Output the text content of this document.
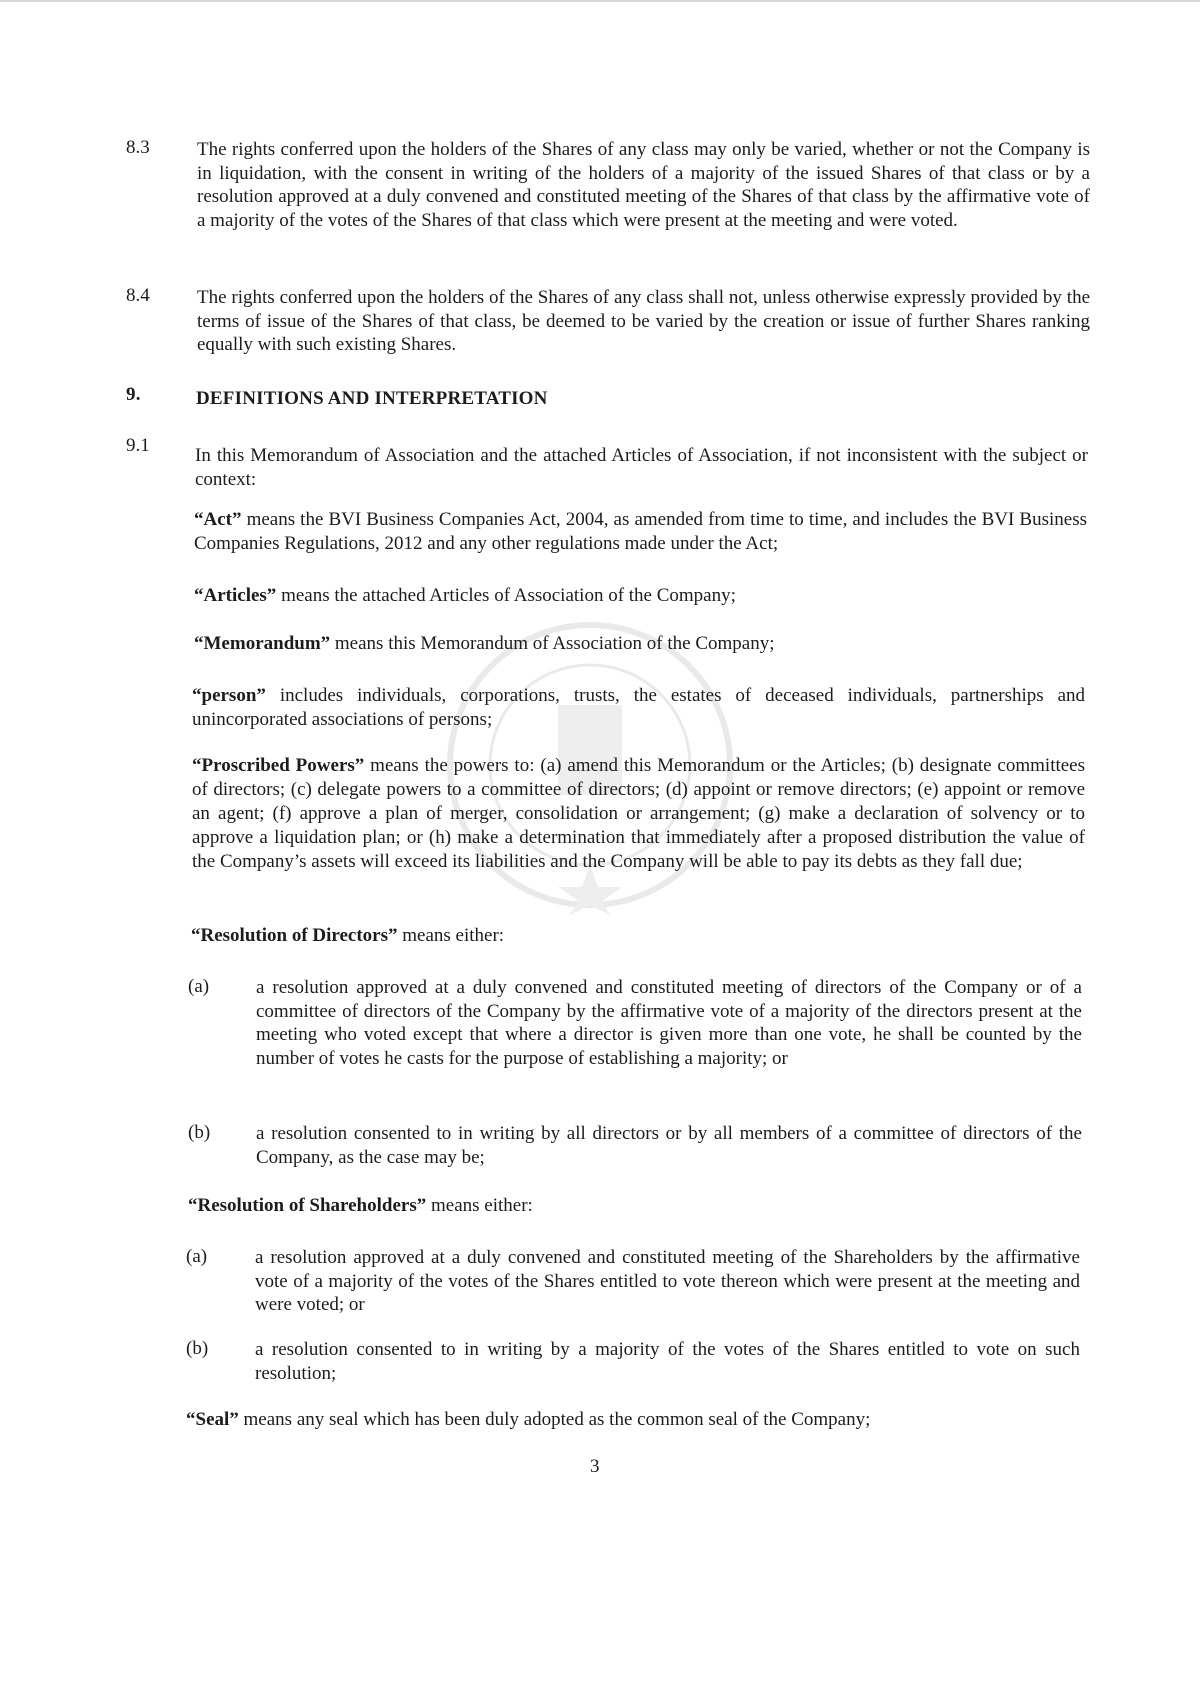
8.3 The rights conferred upon the holders of the Shares of any class may only be varied, whether or not the Company is in liquidation, with the consent in writing of the holders of a majority of the issued Shares of that class or by a resolution approved at a duly convened and constituted meeting of the Shares of that class by the affirmative vote of a majority of the votes of the Shares of that class which were present at the meeting and were voted.
8.4 The rights conferred upon the holders of the Shares of any class shall not, unless otherwise expressly provided by the terms of issue of the Shares of that class, be deemed to be varied by the creation or issue of further Shares ranking equally with such existing Shares.
9.	DEFINITIONS AND INTERPRETATION
9.1 In this Memorandum of Association and the attached Articles of Association, if not inconsistent with the subject or context:
“Act” means the BVI Business Companies Act, 2004, as amended from time to time, and includes the BVI Business Companies Regulations, 2012 and any other regulations made under the Act;
“Articles” means the attached Articles of Association of the Company;
“Memorandum” means this Memorandum of Association of the Company;
“person” includes individuals, corporations, trusts, the estates of deceased individuals, partnerships and unincorporated associations of persons;
“Proscribed Powers” means the powers to: (a) amend this Memorandum or the Articles; (b) designate committees of directors; (c) delegate powers to a committee of directors; (d) appoint or remove directors; (e) appoint or remove an agent; (f) approve a plan of merger, consolidation or arrangement; (g) make a declaration of solvency or to approve a liquidation plan; or (h) make a determination that immediately after a proposed distribution the value of the Company’s assets will exceed its liabilities and the Company will be able to pay its debts as they fall due;
“Resolution of Directors” means either:
(a) a resolution approved at a duly convened and constituted meeting of directors of the Company or of a committee of directors of the Company by the affirmative vote of a majority of the directors present at the meeting who voted except that where a director is given more than one vote, he shall be counted by the number of votes he casts for the purpose of establishing a majority; or
(b) a resolution consented to in writing by all directors or by all members of a committee of directors of the Company, as the case may be;
“Resolution of Shareholders” means either:
(a)	a resolution approved at a duly convened and constituted meeting of the Shareholders by the affirmative vote of a majority of the votes of the Shares entitled to vote thereon which were present at the meeting and were voted; or
(b) a resolution consented to in writing by a majority of the votes of the Shares entitled to vote on such resolution;
“Seal” means any seal which has been duly adopted as the common seal of the Company;
3
